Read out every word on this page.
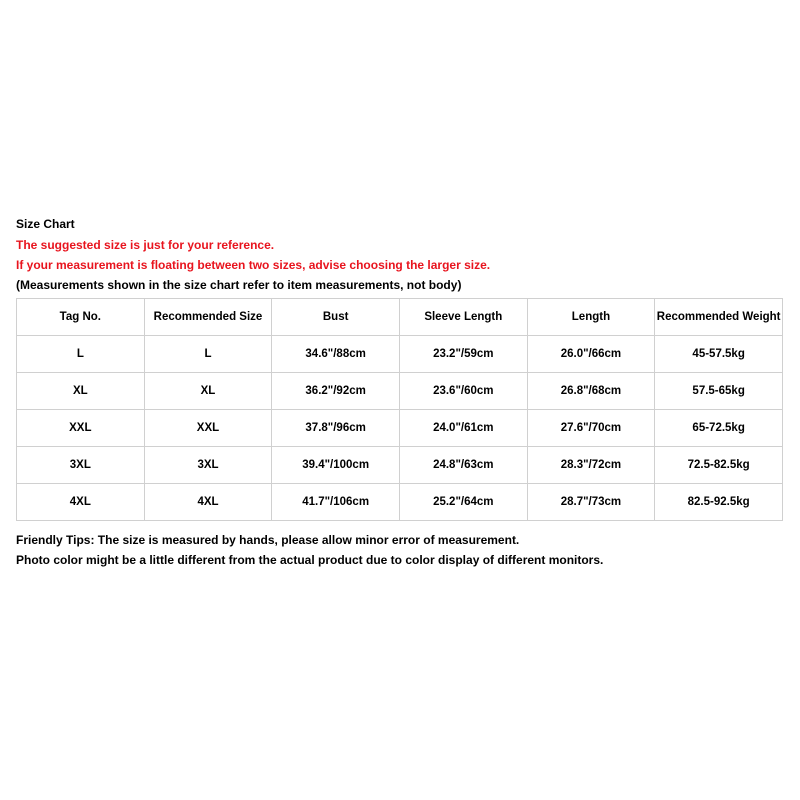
Size Chart

The suggested size is just for your reference.

If your measurement is floating between two sizes, advise choosing the larger size.

(Measurements shown in the size chart refer to item measurements, not body)

Tag No.	Recommended Size	Bust	Sleeve Length	Length	Recommended Weight
L	L	34.6"/88cm	23.2"/59cm	26.0"/66cm	45-57.5kg
XL	XL	36.2"/92cm	23.6"/60cm	26.8"/68cm	57.5-65kg
XXL	XXL	37.8"/96cm	24.0"/61cm	27.6"/70cm	65-72.5kg
3XL	3XL	39.4"/100cm	24.8"/63cm	28.3"/72cm	72.5-82.5kg
4XL	4XL	41.7"/106cm	25.2"/64cm	28.7"/73cm	82.5-92.5kg

Friendly Tips: The size is measured by hands, please allow minor error of measurement.

Photo color might be a little different from the actual product due to color display of different monitors.
